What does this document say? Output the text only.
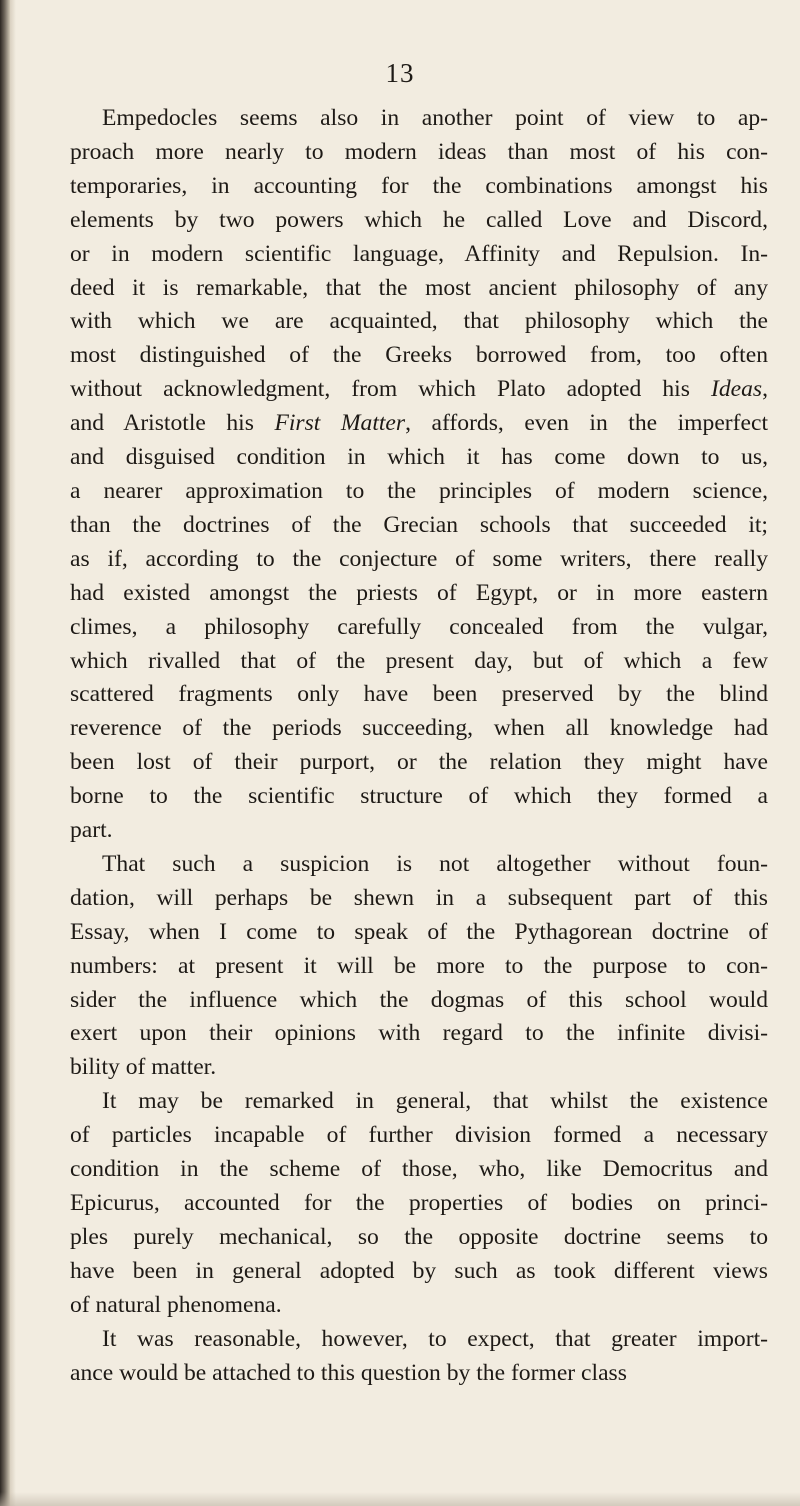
13
Empedocles seems also in another point of view to ap-
proach more nearly to modern ideas than most of his con-
temporaries, in accounting for the combinations amongst his
elements by two powers which he called Love and Discord,
or in modern scientific language, Affinity and Repulsion. In-
deed it is remarkable, that the most ancient philosophy of any
with which we are acquainted, that philosophy which the
most distinguished of the Greeks borrowed from, too often
without acknowledgment, from which Plato adopted his Ideas,
and Aristotle his First Matter, affords, even in the imperfect
and disguised condition in which it has come down to us,
a nearer approximation to the principles of modern science,
than the doctrines of the Grecian schools that succeeded it;
as if, according to the conjecture of some writers, there really
had existed amongst the priests of Egypt, or in more eastern
climes, a philosophy carefully concealed from the vulgar,
which rivalled that of the present day, but of which a few
scattered fragments only have been preserved by the blind
reverence of the periods succeeding, when all knowledge had
been lost of their purport, or the relation they might have
borne to the scientific structure of which they formed a
part.
That such a suspicion is not altogether without foun-
dation, will perhaps be shewn in a subsequent part of this
Essay, when I come to speak of the Pythagorean doctrine of
numbers: at present it will be more to the purpose to con-
sider the influence which the dogmas of this school would
exert upon their opinions with regard to the infinite divisi-
bility of matter.
It may be remarked in general, that whilst the existence
of particles incapable of further division formed a necessary
condition in the scheme of those, who, like Democritus and
Epicurus, accounted for the properties of bodies on princi-
ples purely mechanical, so the opposite doctrine seems to
have been in general adopted by such as took different views
of natural phenomena.
It was reasonable, however, to expect, that greater import-
ance would be attached to this question by the former class
